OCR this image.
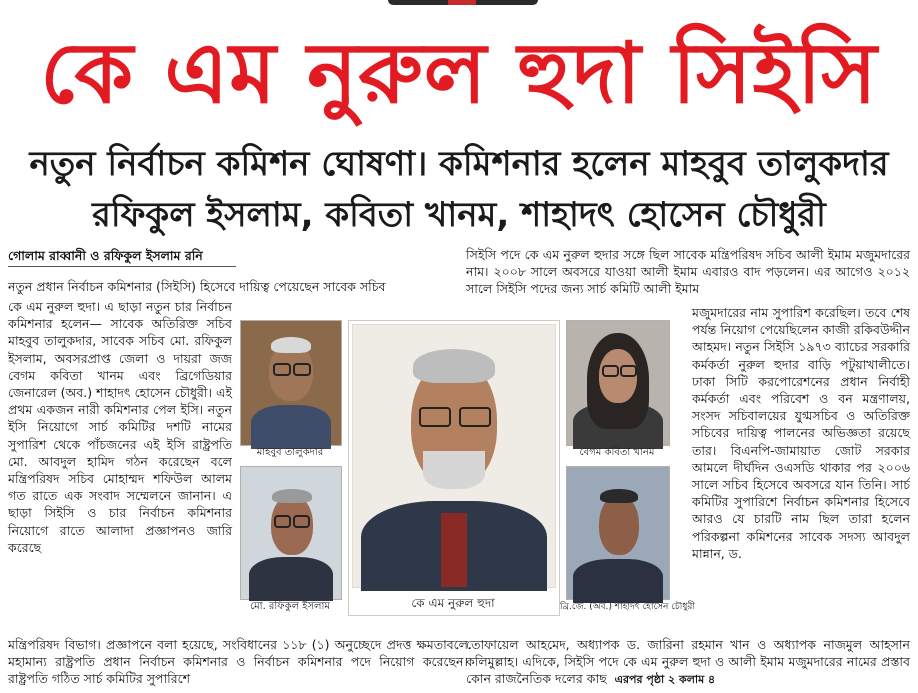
কে এম নুরুল হুদা সিইসি
নতুন নির্বাচন কমিশন ঘোষণা। কমিশনার হলেন মাহবুব তালুকদার
রফিকুল ইসলাম, কবিতা খানম, শাহাদৎ হোসেন চৌধুরী
গোলাম রাব্বানী ও রফিকুল ইসলাম রনি

নতুন প্রধান নির্বাচন কমিশনার (সিইসি) হিসেবে দায়িত্ব পেয়েছেন সাবেক সচিব

কে এম নুরুল হুদা। এ ছাড়া নতুন চার নির্বাচন কমিশনার হলেন— সাবেক অতিরিক্ত সচিব মাহবুব তালুকদার, সাবেক সচিব মো. রফিকুল ইসলাম, অবসরপ্রাপ্ত জেলা ও দায়রা জজ বেগম কবিতা খানম এবং ব্রিগেডিয়ার জেনারেল (অব.) শাহাদৎ হোসেন চৌধুরী। এই প্রথম একজন নারী কমিশনার পেল ইসি। নতুন ইসি নিয়োগে সার্চ কমিটির দশটি নামের সুপারিশ থেকে পাঁচজনের এই ইসি রাষ্ট্রপতি মো. আবদুল হামিদ গঠন করেছেন বলে মন্ত্রিপরিষদ সচিব মোহাম্মদ শফিউল আলম গত রাতে এক সংবাদ সম্মেলনে জানান। এ ছাড়া সিইসি ও চার নির্বাচন কমিশনার নিয়োগে রাতে আলাদা প্রজ্ঞাপনও জারি করেছে

সিইসি পদে কে এম নুরুল হুদার সঙ্গে ছিল সাবেক মন্ত্রিপরিষদ সচিব আলী ইমাম মজুমদারের নাম। ২০০৮ সালে অবসরে যাওয়া আলী ইমাম এবারও বাদ পড়লেন। এর আগেও ২০১২ সালে সিইসি পদের জন্য সার্চ কমিটি আলী ইমাম

মজুমদারের নাম সুপারিশ করেছিল। তবে শেষ পর্যন্ত নিয়োগ পেয়েছিলেন কাজী রকিবউদ্দীন আহমদ। নতুন সিইসি ১৯৭৩ ব্যাচের সরকারি কর্মকর্তা নুরুল হুদার বাড়ি পটুয়াখালীতে। ঢাকা সিটি করপোরেশনের প্রধান নির্বাহী কর্মকর্তা এবং পরিবেশ ও বন মন্ত্রণালয়, সংসদ সচিবালয়ের যুগ্মসচিব ও অতিরিক্ত সচিবের দায়িত্ব পালনের অভিজ্ঞতা রয়েছে তার। বিএনপি-জামায়াত জোট সরকার আমলে দীর্ঘদিন ওএসডি থাকার পর ২০০৬ সালে সচিব হিসেবে অবসরে যান তিনি। সার্চ কমিটির সুপারিশে নির্বাচন কমিশনার হিসেবে আরও যে চারটি নাম ছিল তারা হলেন পরিকল্পনা কমিশনের সাবেক সদস্য আবদুল মান্নান, ড.

মন্ত্রিপরিষদ বিভাগ। প্রজ্ঞাপনে বলা হয়েছে, সংবিধানের ১১৮ (১) অনুচ্ছেদে প্রদত্ত ক্ষমতাবলে মহামান্য রাষ্ট্রপতি প্রধান নির্বাচন কমিশনার ও নির্বাচন কমিশনার পদে নিয়োগ করেছেন। রাষ্ট্রপতি গঠিত সার্চ কমিটির সুপারিশে

তোফায়েল আহমেদ, অধ্যাপক ড. জারিনা রহমান খান ও অধ্যাপক নাজমুল আহসান কলিমুল্লাহ। এদিকে, সিইসি পদে কে এম নুরুল হুদা ও আলী ইমাম মজুমদারের নামের প্রস্তাব কোন রাজনৈতিক দলের কাছ এরপর পৃষ্ঠা ২ কলাম ৪

মাহবুব তালুকদার
মো. রফিকুল ইসলাম	কে এম নুরুল হুদা
বেগম কবিতা খানম
ব্রি.জে. (অব.) শাহাদৎ হোসেন চৌধুরী
